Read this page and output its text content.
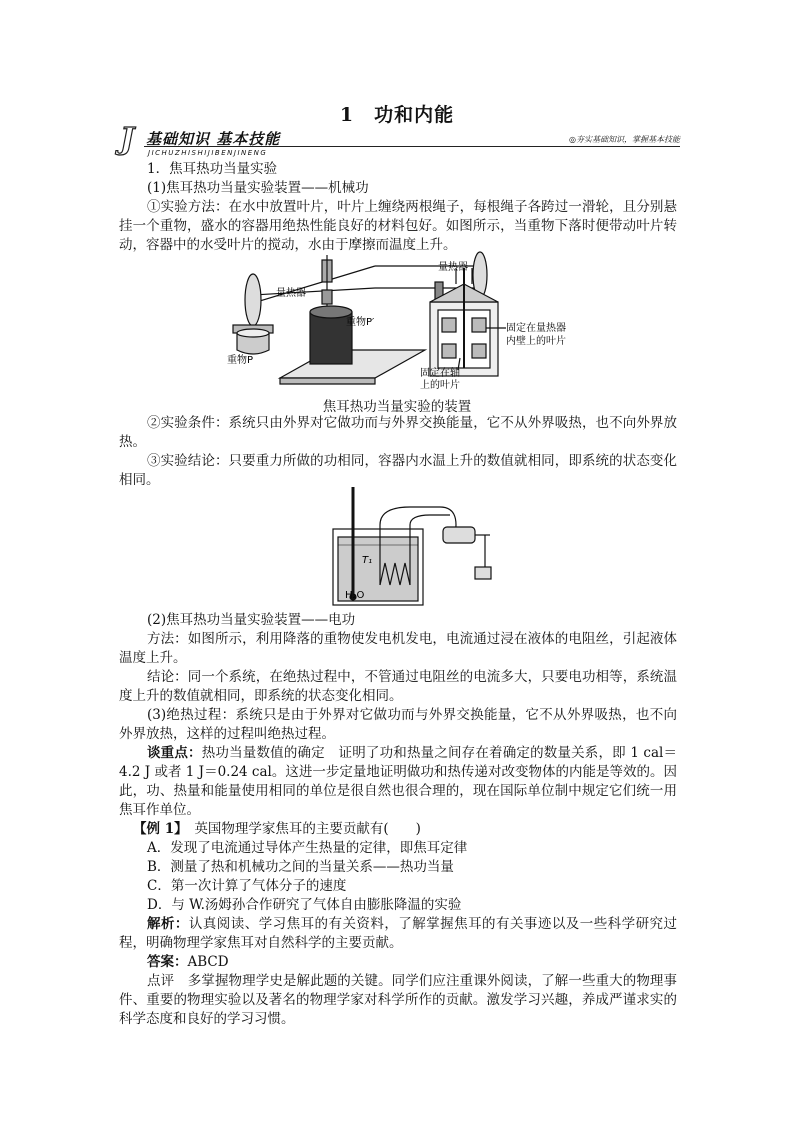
1　功和内能
J 基础知识 基本技能
JICHUZHISHIJIBENJINENG
◎夯实基础知识，掌握基本技能
1．焦耳热功当量实验
(1)焦耳热功当量实验装置——机械功
①实验方法：在水中放置叶片，叶片上缠绕两根绳子，每根绳子各跨过一滑轮，且分别悬挂一个重物，盛水的容器用绝热性能良好的材料包好。如图所示，当重物下落时便带动叶片转动，容器中的水受叶片的搅动，水由于摩擦而温度上升。
量热器
重物P′
重物P
量热器
固定在量热器
内壁上的叶片
固定在轴
上的叶片
焦耳热功当量实验的装置
②实验条件：系统只由外界对它做功而与外界交换能量，它不从外界吸热，也不向外界放热。
③实验结论：只要重力所做的功相同，容器内水温上升的数值就相同，即系统的状态变化相同。
T₁
H₂O
(2)焦耳热功当量实验装置——电功
方法：如图所示，利用降落的重物使发电机发电，电流通过浸在液体的电阻丝，引起液体温度上升。
结论：同一个系统，在绝热过程中，不管通过电阻丝的电流多大，只要电功相等，系统温度上升的数值就相同，即系统的状态变化相同。
(3)绝热过程：系统只是由于外界对它做功而与外界交换能量，它不从外界吸热，也不向外界放热，这样的过程叫绝热过程。
谈重点：热功当量数值的确定　证明了功和热量之间存在着确定的数量关系，即 1 cal＝4.2 J 或者 1 J＝0.24 cal。这进一步定量地证明做功和热传递对改变物体的内能是等效的。因此，功、热量和能量使用相同的单位是很自然也很合理的，现在国际单位制中规定它们统一用焦耳作单位。
【例 1】　 英国物理学家焦耳的主要贡献有(　　)
A．发现了电流通过导体产生热量的定律，即焦耳定律
B．测量了热和机械功之间的当量关系——热功当量
C．第一次计算了气体分子的速度
D．与 W.汤姆孙合作研究了气体自由膨胀降温的实验
解析：认真阅读、学习焦耳的有关资料，了解掌握焦耳的有关事迹以及一些科学研究过程，明确物理学家焦耳对自然科学的主要贡献。
答案：ABCD
点评　 多掌握物理学史是解此题的关键。同学们应注重课外阅读，了解一些重大的物理事件、重要的物理实验以及著名的物理学家对科学所作的贡献。激发学习兴趣，养成严谨求实的科学态度和良好的学习习惯。
